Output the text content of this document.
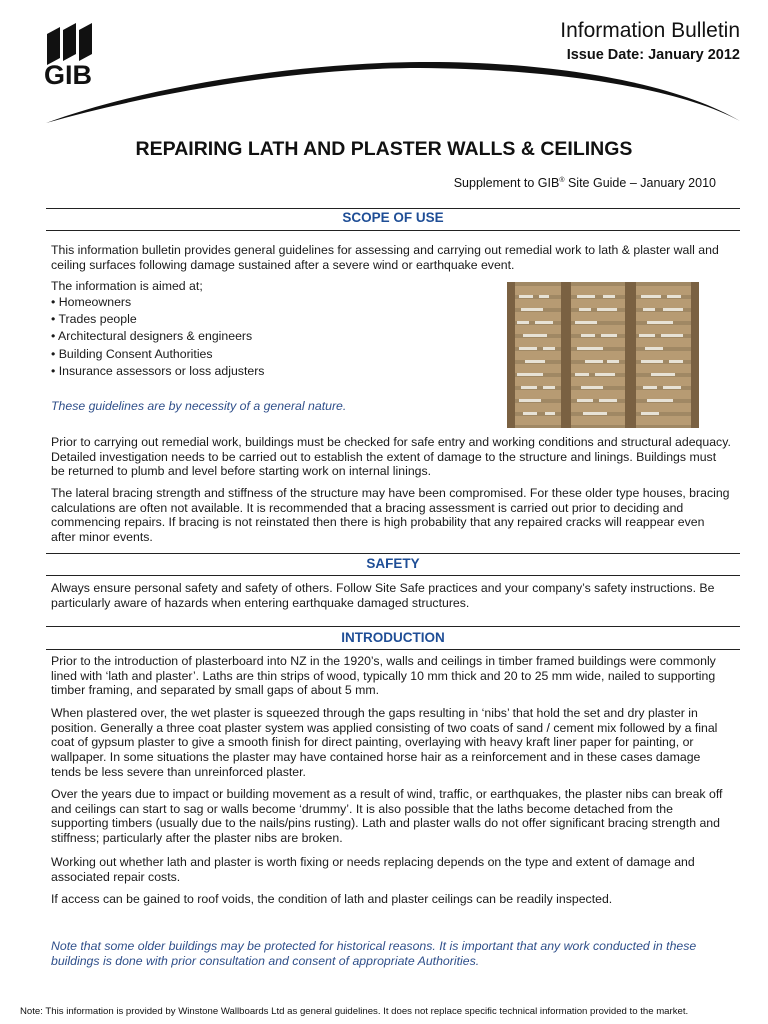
GIB
Information Bulletin
Issue Date: January 2012
REPAIRING LATH AND PLASTER WALLS & CEILINGS
Supplement to GIB® Site Guide – January 2010
SCOPE OF USE

This information bulletin provides general guidelines for assessing and carrying out remedial work to lath & plaster wall and ceiling surfaces following damage sustained after a severe wind or earthquake event.

The information is aimed at;

• Homeowners
• Trades people
• Architectural designers & engineers
• Building Consent Authorities
• Insurance assessors or loss adjusters

These guidelines are by necessity of a general nature.

Prior to carrying out remedial work, buildings must be checked for safe entry and working conditions and structural adequacy. Detailed investigation needs to be carried out to establish the extent of damage to the structure and linings. Buildings must be returned to plumb and level before starting work on internal linings.

The lateral bracing strength and stiffness of the structure may have been compromised. For these older type houses, bracing calculations are often not available. It is recommended that a bracing assessment is carried out prior to deciding and commencing repairs. If bracing is not reinstated then there is high probability that any repaired cracks will reappear even after minor events.

SAFETY

Always ensure personal safety and safety of others. Follow Site Safe practices and your company’s safety instructions. Be particularly aware of hazards when entering earthquake damaged structures.

INTRODUCTION

Prior to the introduction of plasterboard into NZ in the 1920’s, walls and ceilings in timber framed buildings were commonly lined with ‘lath and plaster’. Laths are thin strips of wood, typically 10 mm thick and 20 to 25 mm wide, nailed to supporting timber framing, and separated by small gaps of about 5 mm.

When plastered over, the wet plaster is squeezed through the gaps resulting in ‘nibs’ that hold the set and dry plaster in position. Generally a three coat plaster system was applied consisting of two coats of sand / cement mix followed by a final coat of gypsum plaster to give a smooth finish for direct painting, overlaying with heavy kraft liner paper for painting, or wallpaper. In some situations the plaster may have contained horse hair as a reinforcement and in these cases damage tends be less severe than unreinforced plaster.

Over the years due to impact or building movement as a result of wind, traffic, or earthquakes, the plaster nibs can break off and ceilings can start to sag or walls become ‘drummy’. It is also possible that the laths become detached from the supporting timbers (usually due to the nails/pins rusting). Lath and plaster walls do not offer significant bracing strength and stiffness; particularly after the plaster nibs are broken.

Working out whether lath and plaster is worth fixing or needs replacing depends on the type and extent of damage and associated repair costs.

If access can be gained to roof voids, the condition of lath and plaster ceilings can be readily inspected.

Note that some older buildings may be protected for historical reasons. It is important that any work conducted in these buildings is done with prior consultation and consent of appropriate Authorities.

Note: This information is provided by Winstone Wallboards Ltd as general guidelines. It does not replace specific technical information provided to the market.
